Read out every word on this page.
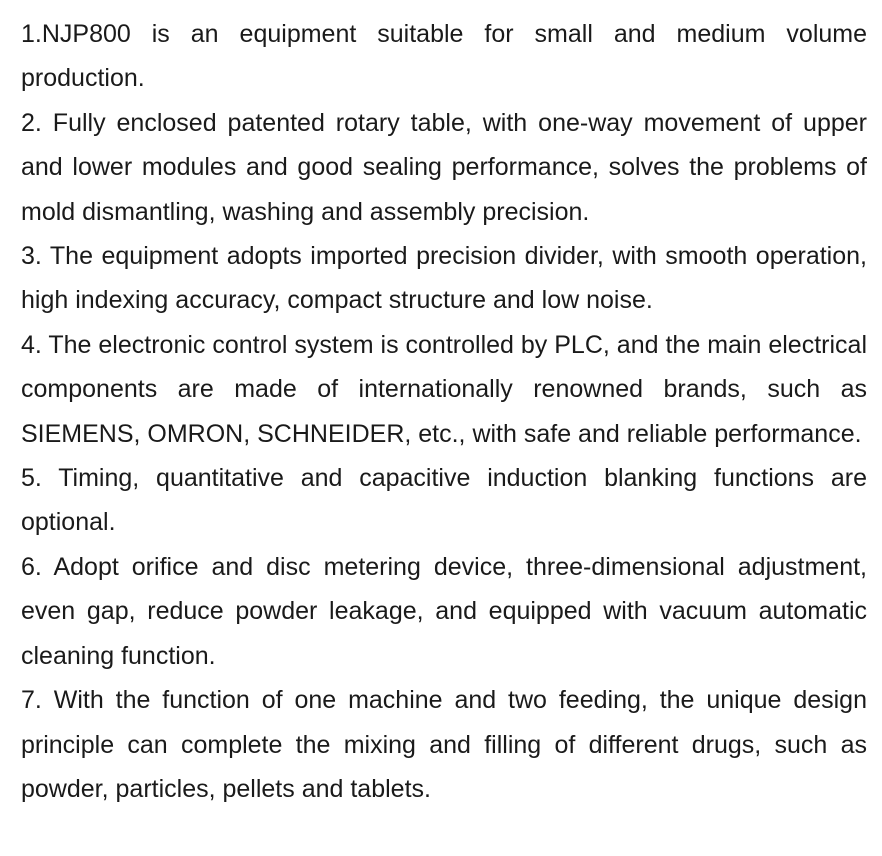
1.NJP800 is an equipment suitable for small and medium volume production.

2. Fully enclosed patented rotary table, with one-way movement of upper and lower modules and good sealing performance, solves the problems of mold dismantling, washing and assembly precision.

3. The equipment adopts imported precision divider, with smooth operation, high indexing accuracy, compact structure and low noise.

4. The electronic control system is controlled by PLC, and the main electrical components are made of internationally renowned brands, such as SIEMENS, OMRON, SCHNEIDER, etc., with safe and reliable performance.

5. Timing, quantitative and capacitive induction blanking functions are optional.

6. Adopt orifice and disc metering device, three-dimensional adjustment, even gap, reduce powder leakage, and equipped with vacuum automatic cleaning function.

7. With the function of one machine and two feeding, the unique design principle can complete the mixing and filling of different drugs, such as powder, particles, pellets and tablets.
